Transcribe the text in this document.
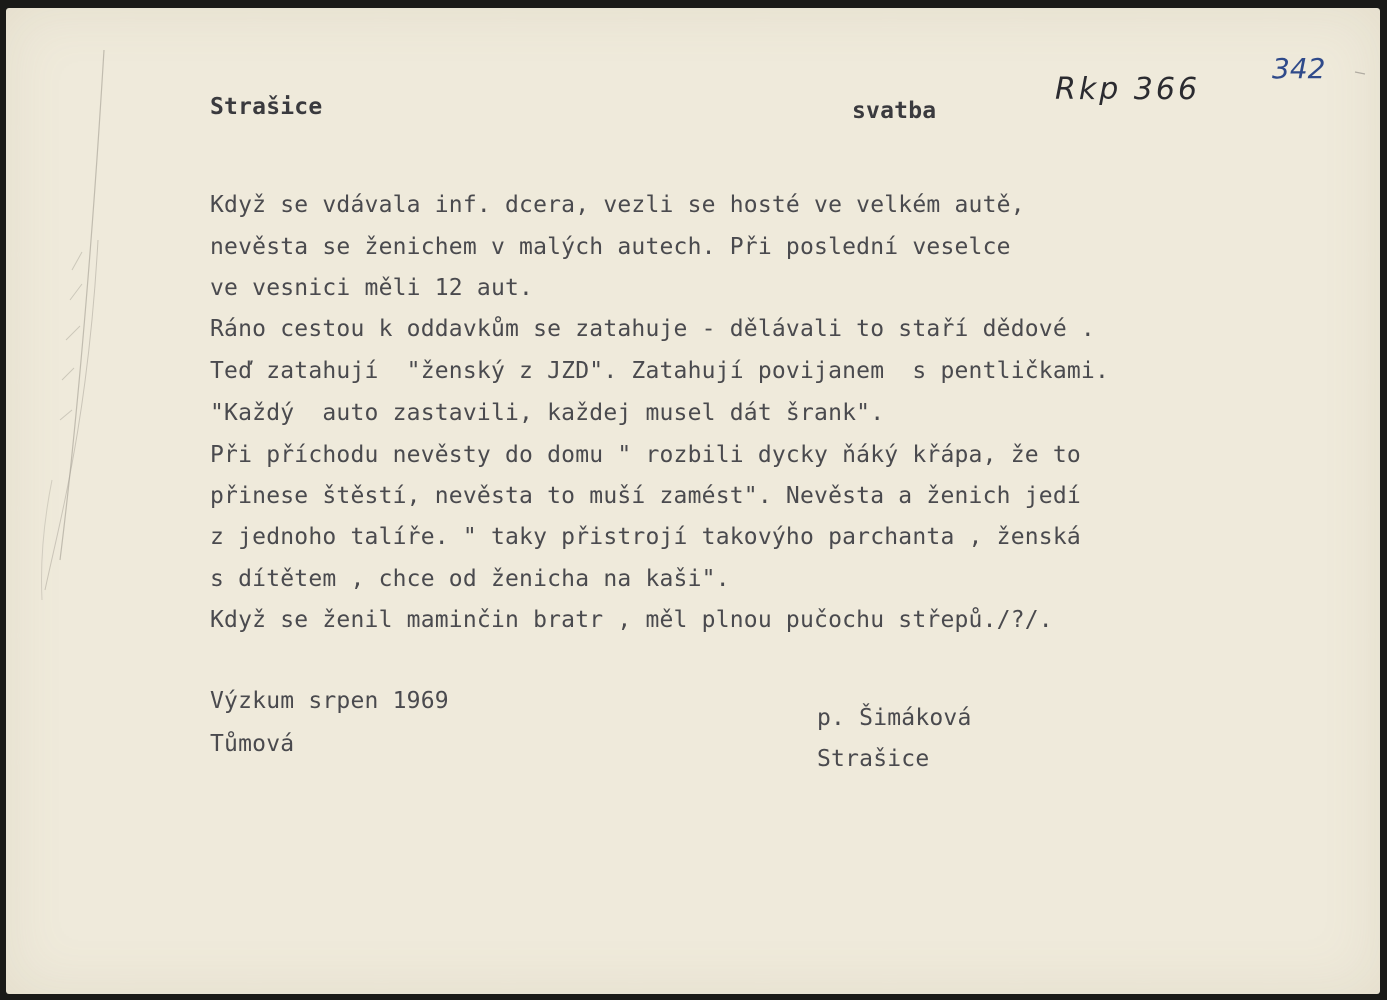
Strašice	svatba
Rkp 366
342
Když se vdávala inf. dcera, vezli se hosté ve velkém autě,
nevěsta se ženichem v malých autech. Při poslední veselce
ve vesnici měli 12 aut.
Ráno cestou k oddavkům se zatahuje - dělávali to staří dědové .
Teď zatahují  "ženský z JZD". Zatahují povijanem  s pentličkami.
"Každý  auto zastavili, každej musel dát šrank".
Při příchodu nevěsty do domu " rozbili dycky ňáký křápa, že to
přinese štěstí, nevěsta to muší zamést". Nevěsta a ženich jedí
z jednoho talíře. " taky přistrojí takovýho parchanta , ženská
s dítětem , chce od ženicha na kaši".
Když se ženil maminčin bratr , měl plnou pučochu střepů./?/.
Výzkum srpen 1969
Tůmová
p. Šimáková
Strašice
